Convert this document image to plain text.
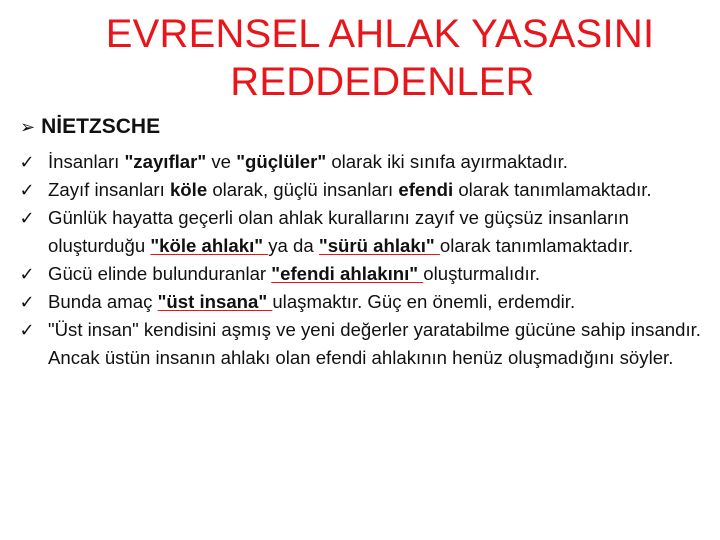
EVRENSEL AHLAK YASASINI
REDDEDENLER
➢ NİETZSCHE
✓ İnsanları "zayıflar" ve "güçlüler" olarak iki sınıfa ayırmaktadır.
✓ Zayıf insanları köle olarak, güçlü insanları efendi olarak tanımlamaktadır.
✓ Günlük hayatta geçerli olan ahlak kurallarını zayıf ve güçsüz insanların oluşturduğu "köle ahlakı" ya da "sürü ahlakı" olarak tanımlamaktadır.
✓ Gücü elinde bulunduranlar "efendi ahlakını" oluşturmalıdır.
✓ Bunda amaç "üst insana" ulaşmaktır. Güç en önemli, erdemdir.
✓ "Üst insan" kendisini aşmış ve yeni değerler yaratabilme gücüne sahip insandır. Ancak üstün insanın ahlakı olan efendi ahlakının henüz oluşmadığını söyler.
